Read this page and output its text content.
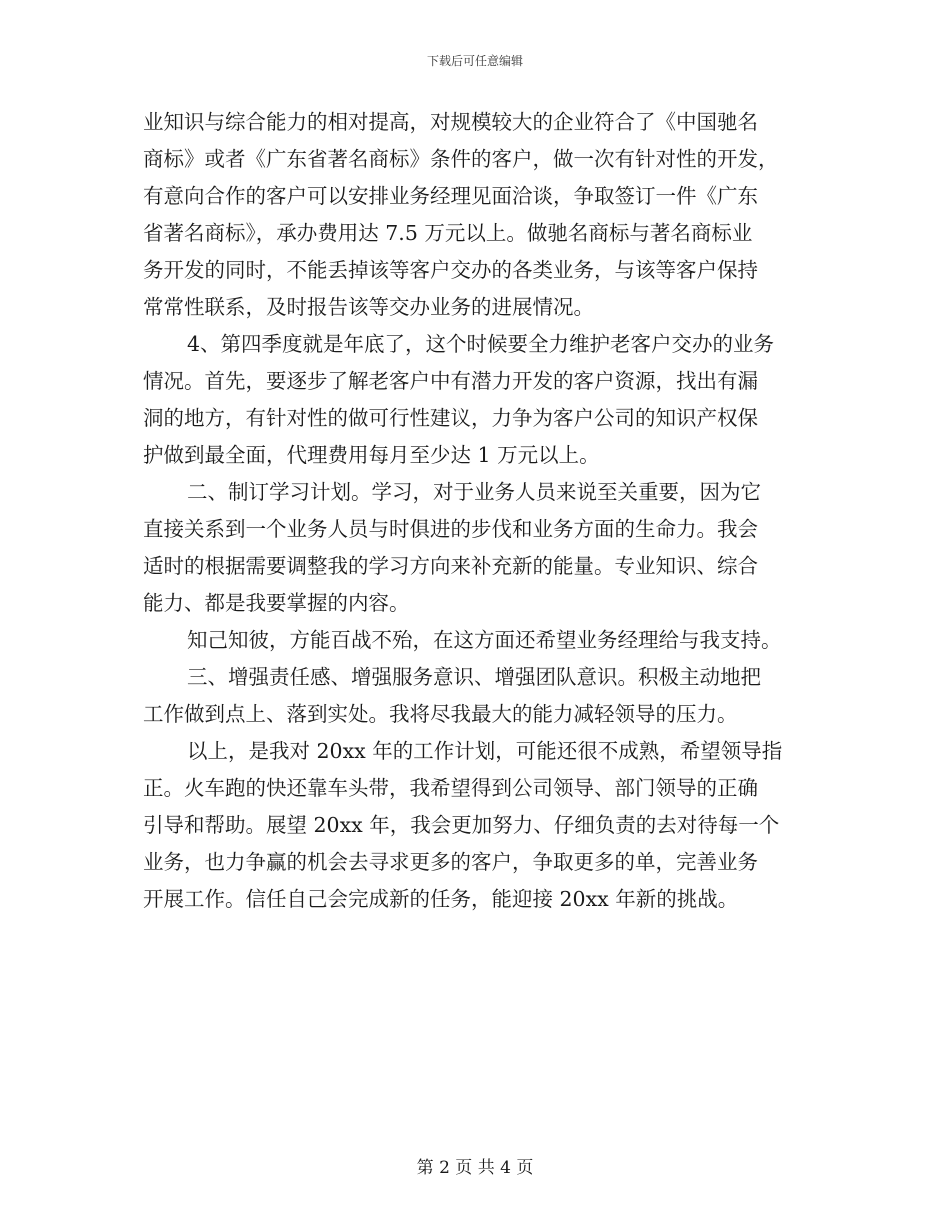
下载后可任意编辑
业知识与综合能力的相对提高，对规模较大的企业符合了《中国驰名
商标》或者《广东省著名商标》条件的客户，做一次有针对性的开发，
有意向合作的客户可以安排业务经理见面洽谈，争取签订一件《广东
省著名商标》，承办费用达 7.5 万元以上。做驰名商标与著名商标业
务开发的同时，不能丢掉该等客户交办的各类业务，与该等客户保持
常常性联系，及时报告该等交办业务的进展情况。
4、第四季度就是年底了，这个时候要全力维护老客户交办的业务
情况。首先，要逐步了解老客户中有潜力开发的客户资源，找出有漏
洞的地方，有针对性的做可行性建议，力争为客户公司的知识产权保
护做到最全面，代理费用每月至少达 1 万元以上。
二、制订学习计划。学习，对于业务人员来说至关重要，因为它
直接关系到一个业务人员与时俱进的步伐和业务方面的生命力。我会
适时的根据需要调整我的学习方向来补充新的能量。专业知识、综合
能力、都是我要掌握的内容。
知己知彼，方能百战不殆，在这方面还希望业务经理给与我支持。
三、增强责任感、增强服务意识、增强团队意识。积极主动地把
工作做到点上、落到实处。我将尽我最大的能力减轻领导的压力。
以上，是我对 20xx 年的工作计划，可能还很不成熟，希望领导指
正。火车跑的快还靠车头带，我希望得到公司领导、部门领导的正确
引导和帮助。展望 20xx 年，我会更加努力、仔细负责的去对待每一个
业务，也力争赢的机会去寻求更多的客户，争取更多的单，完善业务
开展工作。信任自己会完成新的任务，能迎接 20xx 年新的挑战。
第 2 页 共 4 页
